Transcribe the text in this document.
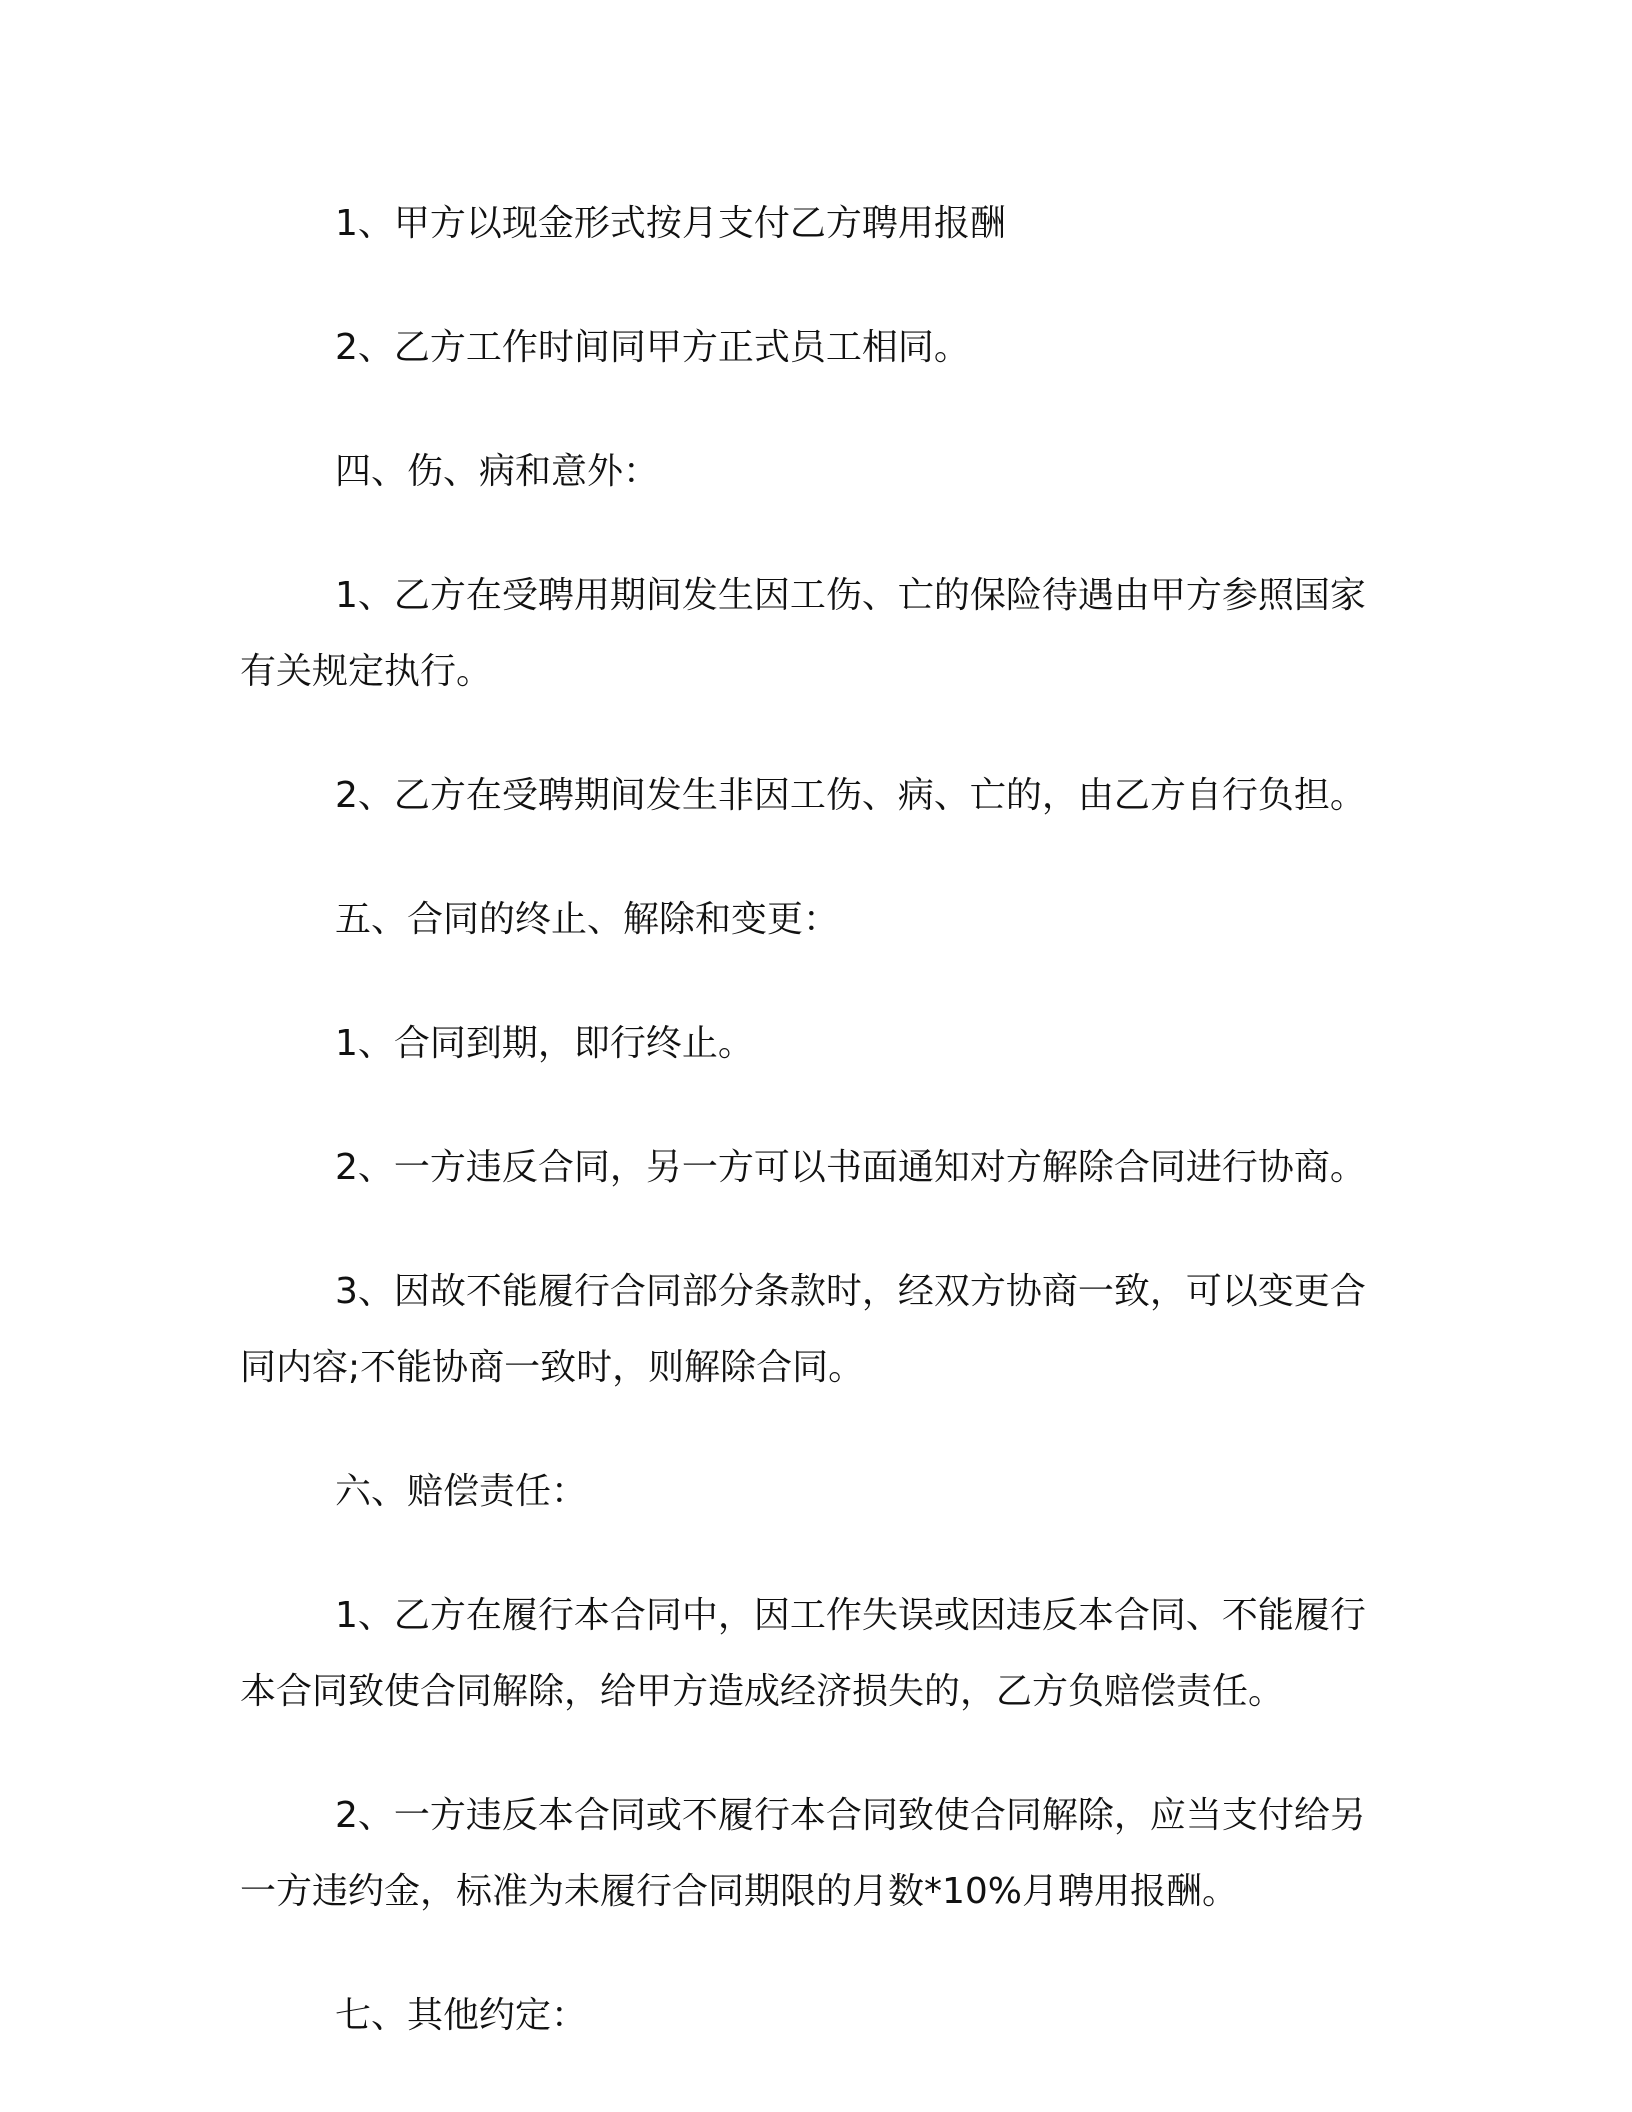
1、甲方以现金形式按月支付乙方聘用报酬

2、乙方工作时间同甲方正式员工相同。

四、伤、病和意外：

1、乙方在受聘用期间发生因工伤、亡的保险待遇由甲方参照国家有关规定执行。

2、乙方在受聘期间发生非因工伤、病、亡的，由乙方自行负担。

五、合同的终止、解除和变更：

1、合同到期，即行终止。

2、一方违反合同，另一方可以书面通知对方解除合同进行协商。

3、因故不能履行合同部分条款时，经双方协商一致，可以变更合同内容;不能协商一致时，则解除合同。

六、赔偿责任：

1、乙方在履行本合同中，因工作失误或因违反本合同、不能履行本合同致使合同解除，给甲方造成经济损失的，乙方负赔偿责任。

2、一方违反本合同或不履行本合同致使合同解除，应当支付给另一方违约金，标准为未履行合同期限的月数*10%月聘用报酬。

七、其他约定：
